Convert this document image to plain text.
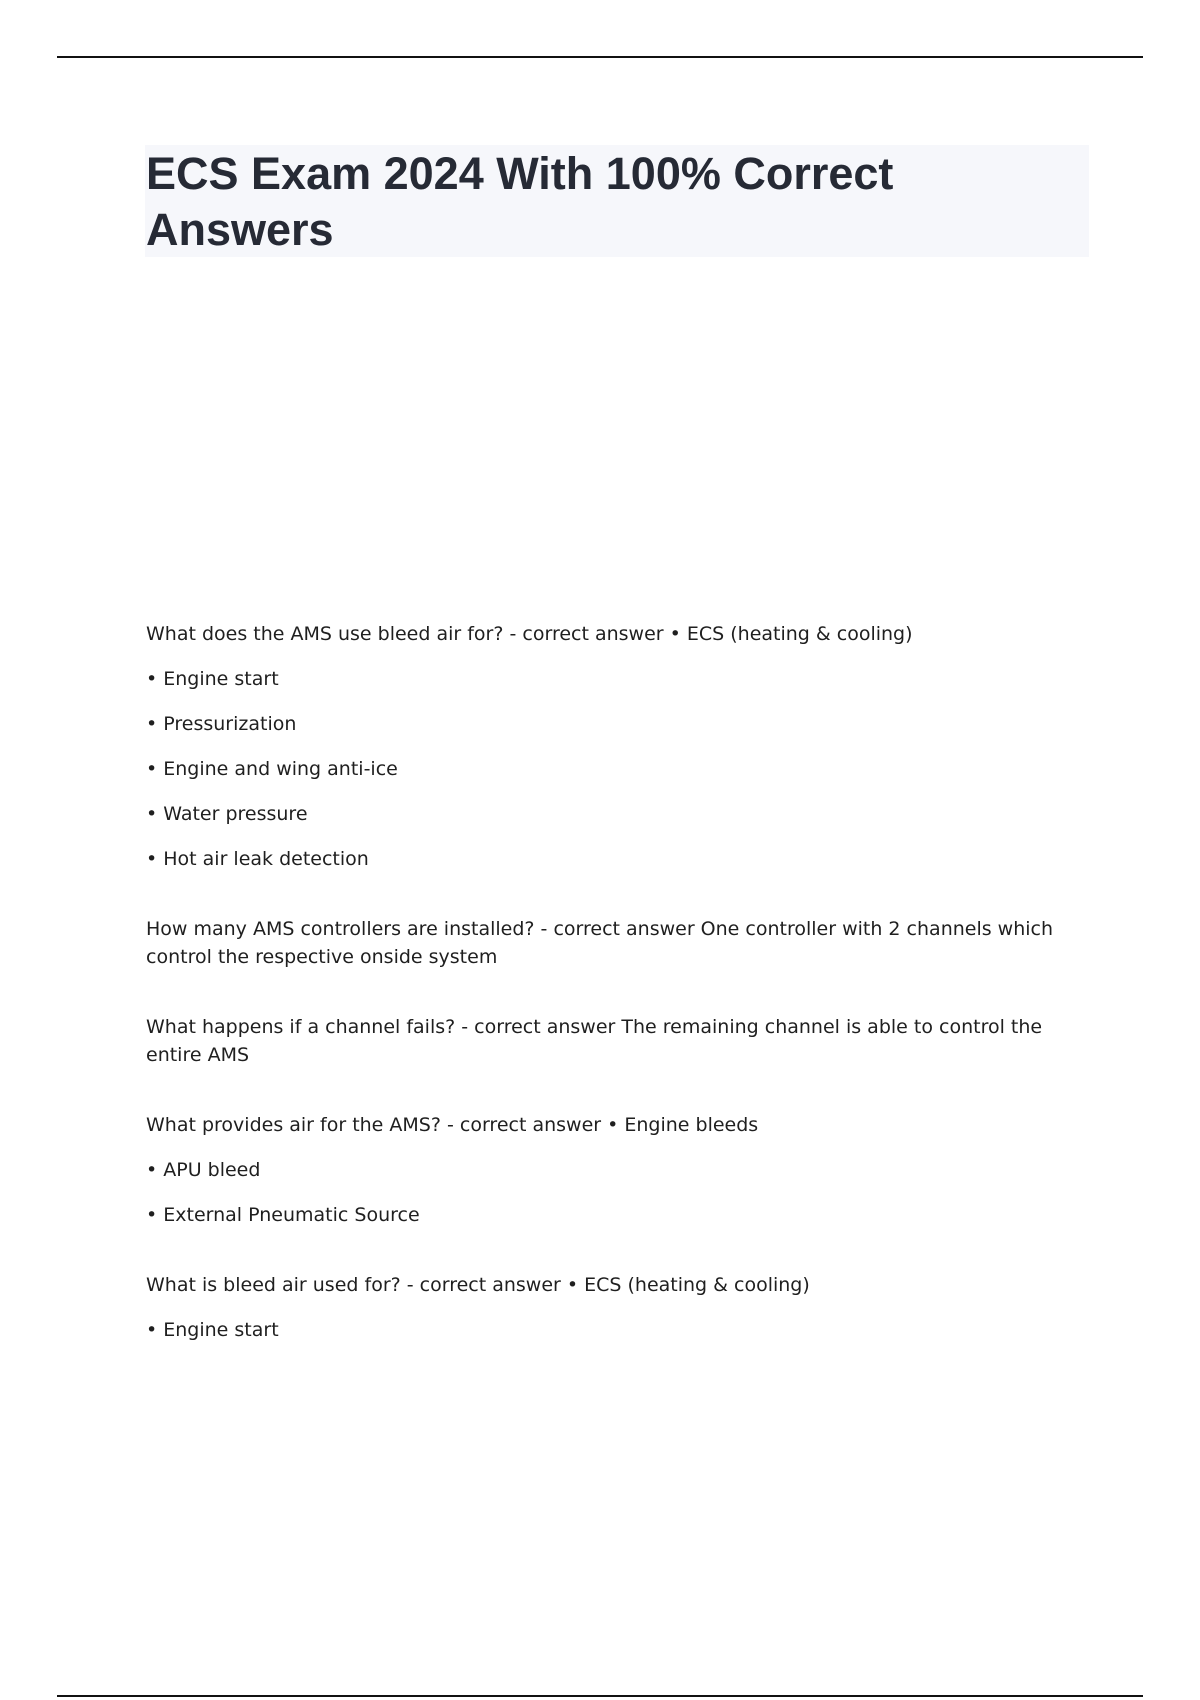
ECS Exam 2024 With 100% Correct Answers

What does the AMS use bleed air for? - correct answer • ECS (heating & cooling)

• Engine start

• Pressurization

• Engine and wing anti-ice

• Water pressure

• Hot air leak detection

How many AMS controllers are installed? - correct answer One controller with 2 channels which control the respective onside system

What happens if a channel fails? - correct answer The remaining channel is able to control the entire AMS

What provides air for the AMS? - correct answer • Engine bleeds

• APU bleed

• External Pneumatic Source

What is bleed air used for? - correct answer • ECS (heating & cooling)

• Engine start
